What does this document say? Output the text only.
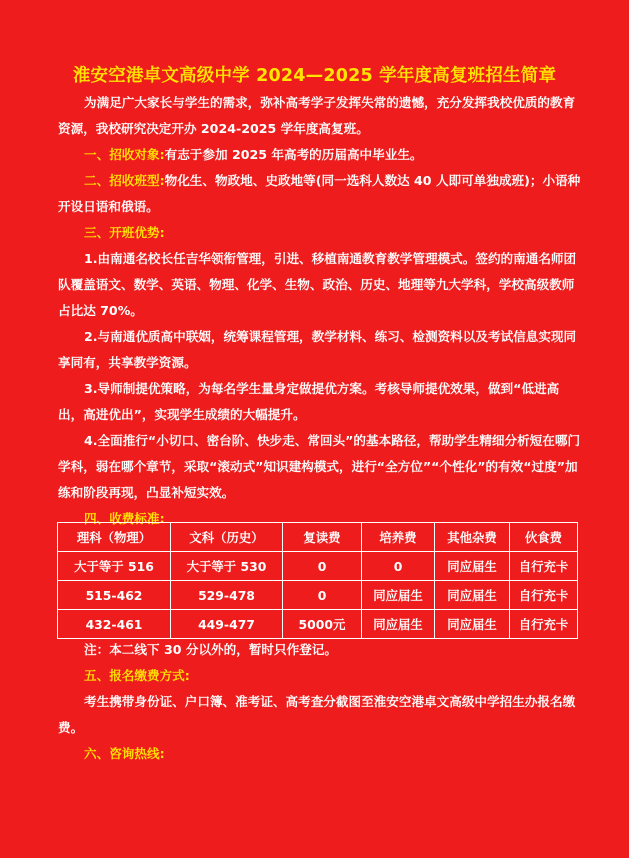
淮安空港卓文高级中学 2024—2025 学年度高复班招生简章

为满足广大家长与学生的需求，弥补高考学子发挥失常的遗憾，充分发挥我校优质的教育资源，我校研究决定开办 2024-2025 学年度高复班。

一、招收对象:有志于参加 2025 年高考的历届高中毕业生。

二、招收班型:物化生、物政地、史政地等(同一选科人数达 40 人即可单独成班)；小语种开设日语和俄语。

三、开班优势:

1.由南通名校长任吉华领衔管理，引进、移植南通教育教学管理模式。签约的南通名师团队覆盖语文、数学、英语、物理、化学、生物、政治、历史、地理等九大学科，学校高级教师占比达 70%。

2.与南通优质高中联姻，统筹课程管理，教学材料、练习、检测资料以及考试信息实现同享同有，共享教学资源。

3.导师制提优策略，为每名学生量身定做提优方案。考核导师提优效果，做到“低进高出，高进优出”，实现学生成绩的大幅提升。

4.全面推行“小切口、密台阶、快步走、常回头”的基本路径，帮助学生精细分析短在哪门学科，弱在哪个章节，采取“滚动式”知识建构模式，进行“全方位”“个性化”的有效“过度”加练和阶段再现，凸显补短实效。

四、收费标准:

理科（物理）	文科（历史）	复读费	培养费	其他杂费	伙食费
大于等于 516	大于等于 530	0	0	同应届生	自行充卡
515-462	529-478	0	同应届生	同应届生	自行充卡
432-461	449-477	5000元	同应届生	同应届生	自行充卡

注：本二线下 30 分以外的，暂时只作登记。

五、报名缴费方式:

考生携带身份证、户口簿、准考证、高考查分截图至淮安空港卓文高级中学招生办报名缴费。

六、咨询热线:
